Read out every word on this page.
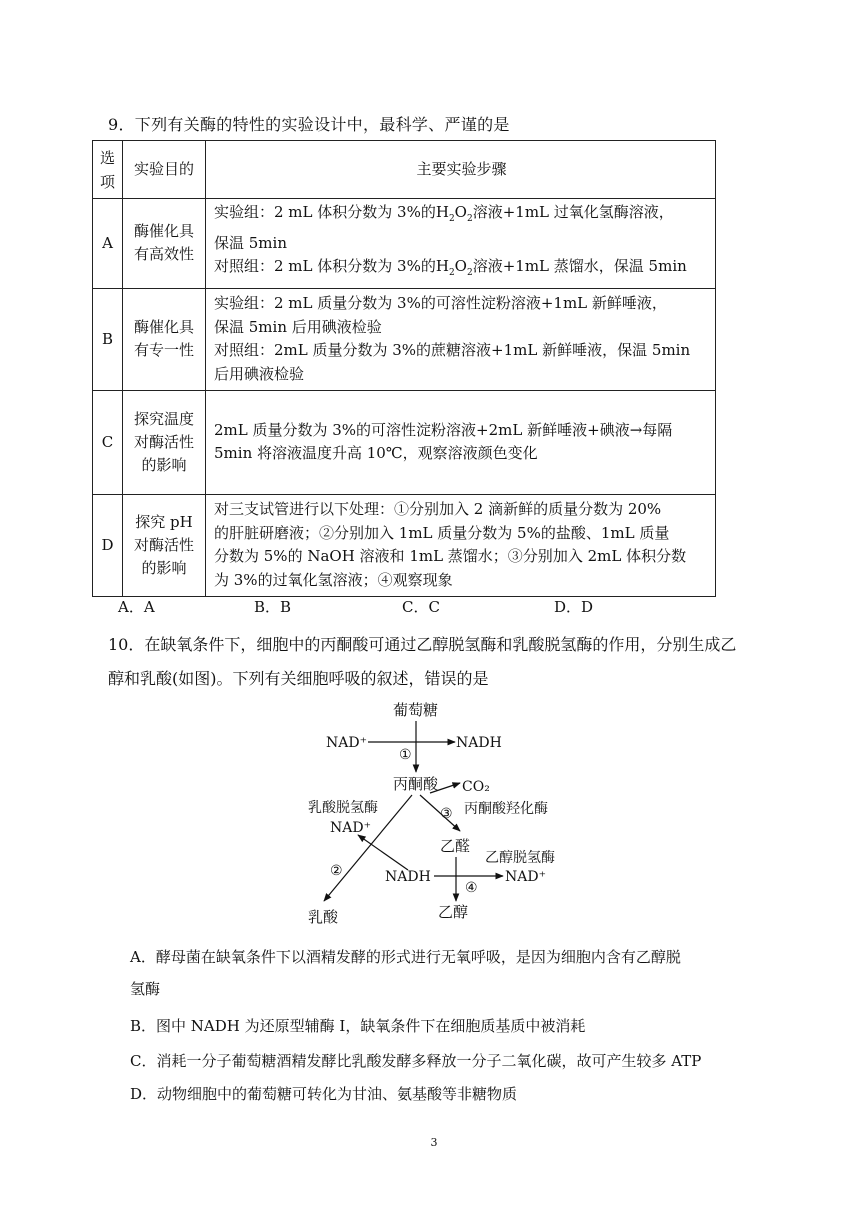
9．下列有关酶的特性的实验设计中，最科学、严谨的是
选项	实验目的	主要实验步骤
A	酶催化具有高效性	实验组：2 mL 体积分数为 3%的$H_2O_2$溶液+1mL 过氧化氢酶溶液，
保温 5min
对照组：2 mL 体积分数为 3%的$H_2O_2$溶液+1mL 蒸馏水，保温 5min

B	酶催化具有专一性	实验组：2 mL 质量分数为 3%的可溶性淀粉溶液+1mL 新鲜唾液，
保温 5min 后用碘液检验
对照组：2mL 质量分数为 3%的蔗糖溶液+1mL 新鲜唾液，保温 5min
后用碘液检验

C	探究温度对酶活性的影响	2mL 质量分数为 3%的可溶性淀粉溶液+2mL 新鲜唾液+碘液→每隔
5min 将溶液温度升高 10℃，观察溶液颜色变化

D	探究 pH 对酶活性的影响	对三支试管进行以下处理：①分别加入 2 滴新鲜的质量分数为 20%
的肝脏研磨液；②分别加入 1mL 质量分数为 5%的盐酸、1mL 质量
分数为 5%的 NaOH 溶液和 1mL 蒸馏水；③分别加入 2mL 体积分数
为 3%的过氧化氢溶液；④观察现象
A．A	B．B	C．C	D．D
10．在缺氧条件下，细胞中的丙酮酸可通过乙醇脱氢酶和乳酸脱氢酶的作用，分别生成乙
醇和乳酸(如图)。下列有关细胞呼吸的叙述，错误的是
葡萄糖
NAD⁺	NADH
①
丙酮酸 CO₂
③ 丙酮酸羟化酶
乳酸脱氢酶
NAD⁺
乙醛
乙醇脱氢酶
②	NADH	NAD⁺
④
乳酸	乙醇
A．酵母菌在缺氧条件下以酒精发酵的形式进行无氧呼吸，是因为细胞内含有乙醇脱
氢酶
B．图中 NADH 为还原型辅酶 I，缺氧条件下在细胞质基质中被消耗
C．消耗一分子葡萄糖酒精发酵比乳酸发酵多释放一分子二氧化碳，故可产生较多 ATP
D．动物细胞中的葡萄糖可转化为甘油、氨基酸等非糖物质
3
